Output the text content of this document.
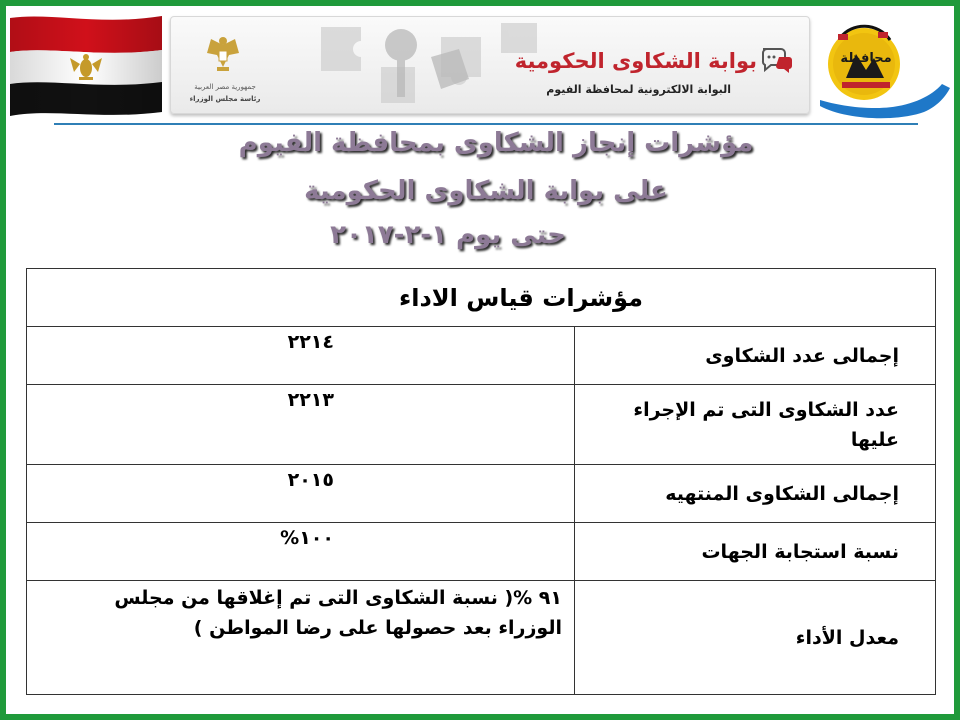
جمهورية مصر العربية
رئاسة مجلس الوزراء
بوابة الشكاوى الحكومية
البوابة الالكترونية لمحافظة الفيوم
ﻣﺤﺎﻓﻈﺔ
مؤشرات إنجاز الشكاوى بمحافظة الفيوم
على بوابة الشكاوى الحكومية
حتى يوم ١-٢-٢٠١٧
مؤشرات قياس الاداء	
إجمالى عدد الشكاوى	٢٢١٤
عدد الشكاوى التى تم الإجراء عليها	٢٢١٣
إجمالى الشكاوى المنتهيه	٢٠١٥
نسبة استجابة الجهات	١٠٠%
معدل الأداء	٩١ %( نسبة الشكاوى التى تم إغلاقها من مجلس الوزراء بعد حصولها على رضا المواطن )
